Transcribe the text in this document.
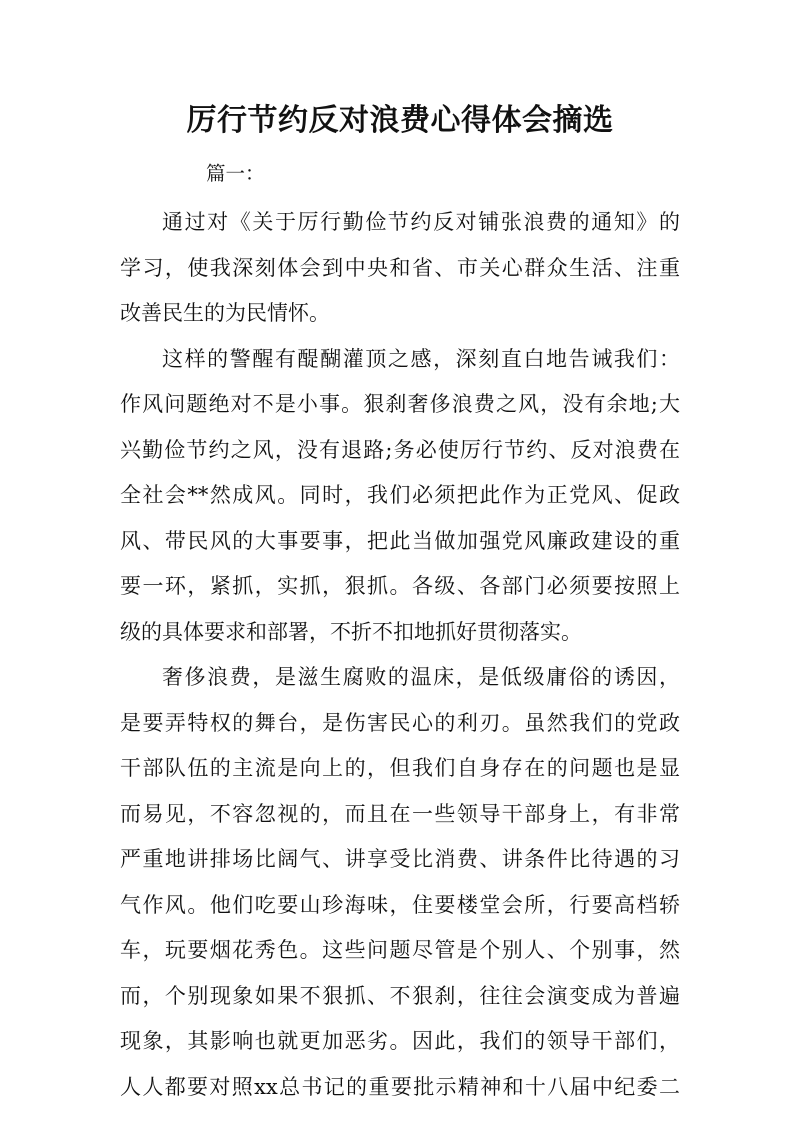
厉行节约反对浪费心得体会摘选
篇一：
通过对《关于厉行勤俭节约反对铺张浪费的通知》的
学习，使我深刻体会到中央和省、市关心群众生活、注重
改善民生的为民情怀。
这样的警醒有醍醐灌顶之感，深刻直白地告诫我们：
作风问题绝对不是小事。狠刹奢侈浪费之风，没有余地;大
兴勤俭节约之风，没有退路;务必使厉行节约、反对浪费在
全社会**然成风。同时，我们必须把此作为正党风、促政
风、带民风的大事要事，把此当做加强党风廉政建设的重
要一环，紧抓，实抓，狠抓。各级、各部门必须要按照上
级的具体要求和部署，不折不扣地抓好贯彻落实。
奢侈浪费，是滋生腐败的温床，是低级庸俗的诱因，
是要弄特权的舞台，是伤害民心的利刃。虽然我们的党政
干部队伍的主流是向上的，但我们自身存在的问题也是显
而易见，不容忽视的，而且在一些领导干部身上，有非常
严重地讲排场比阔气、讲享受比消费、讲条件比待遇的习
气作风。他们吃要山珍海味，住要楼堂会所，行要高档轿
车，玩要烟花秀色。这些问题尽管是个别人、个别事，然
而，个别现象如果不狠抓、不狠刹，往往会演变成为普遍
现象，其影响也就更加恶劣。因此，我们的领导干部们，
人人都要对照xx总书记的重要批示精神和十八届中纪委二
